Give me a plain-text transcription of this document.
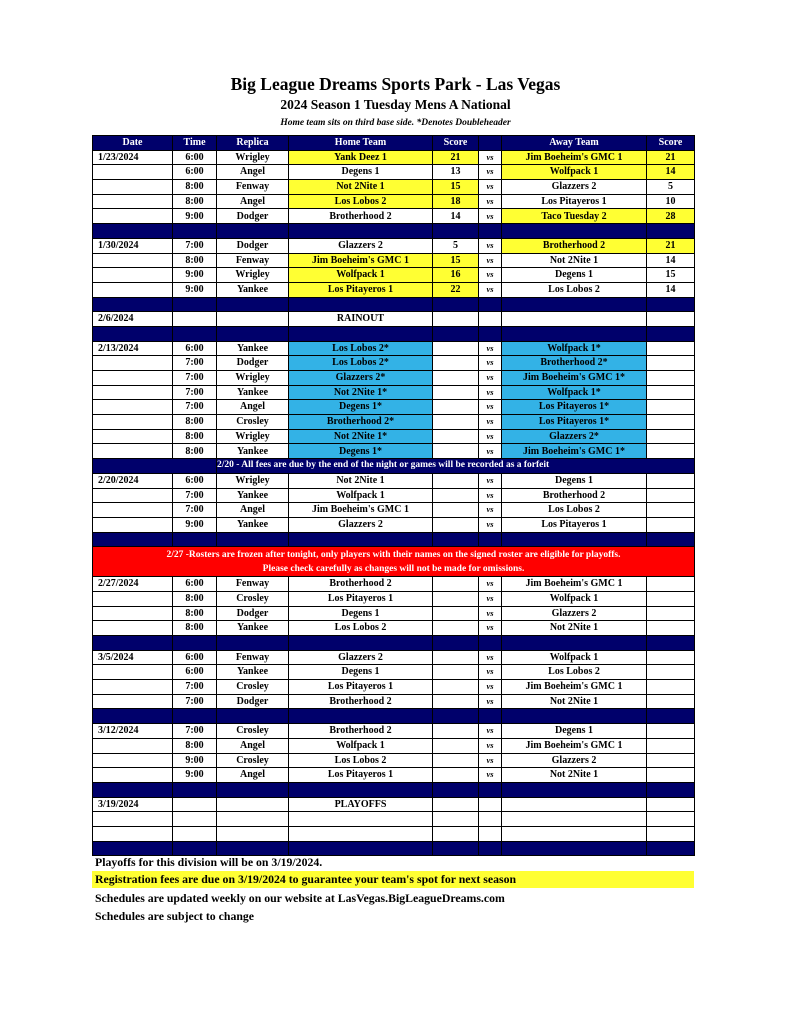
Big League Dreams Sports Park - Las Vegas
2024 Season 1 Tuesday Mens A National
Home team sits on third base side. *Denotes Doubleheader
Date	Time	Replica	Home Team	Score		Away Team	Score
1/23/2024	6:00	Wrigley	Yank Deez 1	21	vs	Jim Boeheim's GMC 1	21
	6:00	Angel	Degens 1	13	vs	Wolfpack 1	14
	8:00	Fenway	Not 2Nite 1	15	vs	Glazzers 2	5
	8:00	Angel	Los Lobos 2	18	vs	Los Pitayeros 1	10
	9:00	Dodger	Brotherhood 2	14	vs	Taco Tuesday 2	28

1/30/2024	7:00	Dodger	Glazzers 2	5	vs	Brotherhood 2	21
	8:00	Fenway	Jim Boeheim's GMC 1	15	vs	Not 2Nite 1	14
	9:00	Wrigley	Wolfpack 1	16	vs	Degens 1	15
	9:00	Yankee	Los Pitayeros 1	22	vs	Los Lobos 2	14

2/6/2024			RAINOUT				

2/13/2024	6:00	Yankee	Los Lobos 2*		vs	Wolfpack 1*	
	7:00	Dodger	Los Lobos 2*		vs	Brotherhood 2*	
	7:00	Wrigley	Glazzers 2*		vs	Jim Boeheim's GMC 1*	
	7:00	Yankee	Not 2Nite 1*		vs	Wolfpack 1*	
	7:00	Angel	Degens 1*		vs	Los Pitayeros 1*	
	8:00	Crosley	Brotherhood 2*		vs	Los Pitayeros 1*	
	8:00	Wrigley	Not 2Nite 1*		vs	Glazzers 2*	
	8:00	Yankee	Degens 1*		vs	Jim Boeheim's GMC 1*	
		2/20 - All fees are due by the end of the night or games will be recorded as a forfeit					
2/20/2024	6:00	Wrigley	Not 2Nite 1		vs	Degens 1	
	7:00	Yankee	Wolfpack 1		vs	Brotherhood 2	
	7:00	Angel	Jim Boeheim's GMC 1		vs	Los Lobos 2	
	9:00	Yankee	Glazzers 2		vs	Los Pitayeros 1	

2/27 -Rosters are frozen after tonight, only players with their names on the signed roster are eligible for playoffs.
Please check carefully as changes will not be made for omissions.							

2/27/2024	6:00	Fenway	Brotherhood 2		vs	Jim Boeheim's GMC 1	
	8:00	Crosley	Los Pitayeros 1		vs	Wolfpack 1	
	8:00	Dodger	Degens 1		vs	Glazzers 2	
	8:00	Yankee	Los Lobos 2		vs	Not 2Nite 1	

3/5/2024	6:00	Fenway	Glazzers 2		vs	Wolfpack 1	
	6:00	Yankee	Degens 1		vs	Los Lobos 2	
	7:00	Crosley	Los Pitayeros 1		vs	Jim Boeheim's GMC 1	
	7:00	Dodger	Brotherhood 2		vs	Not 2Nite 1	

3/12/2024	7:00	Crosley	Brotherhood 2		vs	Degens 1	
	8:00	Angel	Wolfpack 1		vs	Jim Boeheim's GMC 1	
	9:00	Crosley	Los Lobos 2		vs	Glazzers 2	
	9:00	Angel	Los Pitayeros 1		vs	Not 2Nite 1	

3/19/2024			PLAYOFFS				

Playoffs for this division will be on 3/19/2024.
Registration fees are due on 3/19/2024 to guarantee your team's spot for next season
Schedules are updated weekly on our website at LasVegas.BigLeagueDreams.com
Schedules are subject to change
